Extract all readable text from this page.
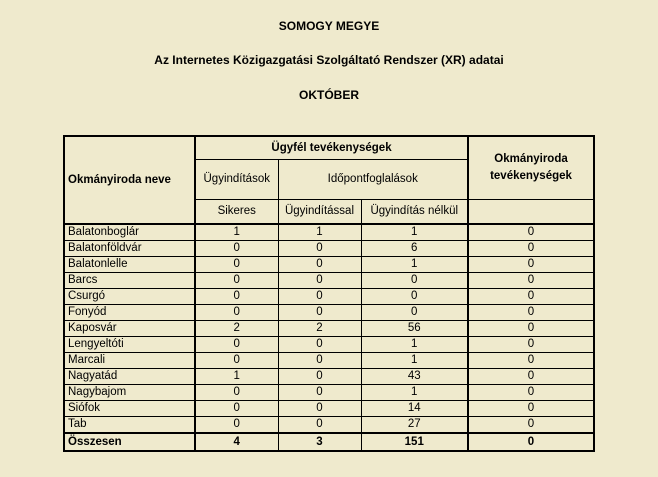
SOMOGY MEGYE
Az Internetes Közigazgatási Szolgáltató Rendszer (XR) adatai
OKTÓBER
Okmányiroda neve	Ügyfél tevékenységek			Okmányiroda tevékenységek
	Ügyindítások	Időpontfoglalások		
	Sikeres	Ügyindítással	Ügyindítás nélkül	

Balatonboglár	1	1	1	0
Balatonföldvár	0	0	6	0
Balatonlelle	0	0	1	0
Barcs	0	0	0	0
Csurgó	0	0	0	0
Fonyód	0	0	0	0
Kaposvár	2	2	56	0
Lengyeltóti	0	0	1	0
Marcali	0	0	1	0
Nagyatád	1	0	43	0
Nagybajom	0	0	1	0
Siófok	0	0	14	0
Tab	0	0	27	0
Összesen	4	3	151	0
